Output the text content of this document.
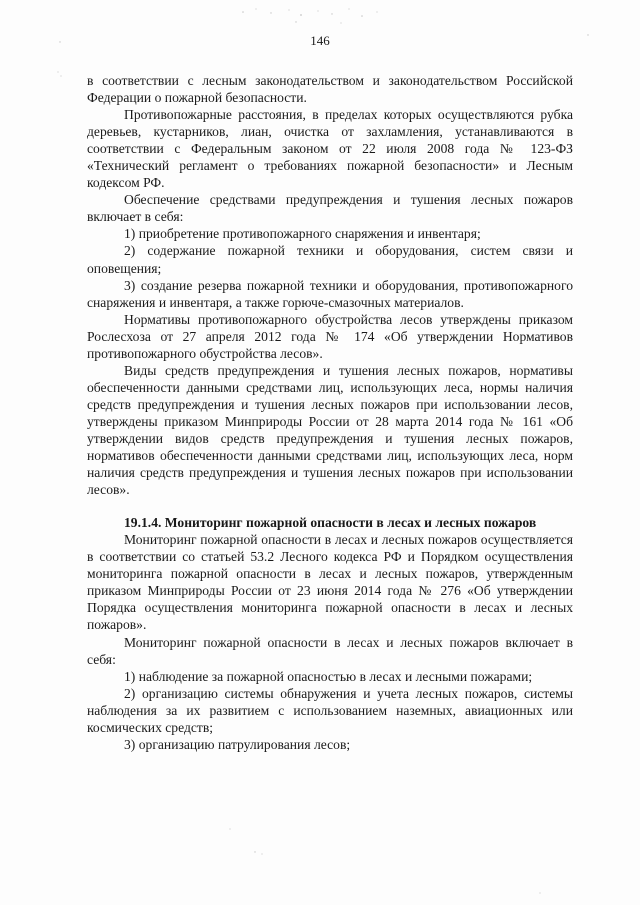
146

в соответствии с лесным законодательством и законодательством Российской Федерации о пожарной безопасности.

Противопожарные расстояния, в пределах которых осуществляются рубка деревьев, кустарников, лиан, очистка от захламления, устанавливаются в соответствии с Федеральным законом от 22 июля 2008 года № 123-ФЗ «Технический регламент о требованиях пожарной безопасности» и Лесным кодексом РФ.

Обеспечение средствами предупреждения и тушения лесных пожаров включает в себя:

1) приобретение противопожарного снаряжения и инвентаря;

2) содержание пожарной техники и оборудования, систем связи и оповещения;

3) создание резерва пожарной техники и оборудования, противопожарного снаряжения и инвентаря, а также горюче-смазочных материалов.

Нормативы противопожарного обустройства лесов утверждены приказом Рослесхоза от 27 апреля 2012 года № 174 «Об утверждении Нормативов противопожарного обустройства лесов».

Виды средств предупреждения и тушения лесных пожаров, нормативы обеспеченности данными средствами лиц, использующих леса, нормы наличия средств предупреждения и тушения лесных пожаров при использовании лесов, утверждены приказом Минприроды России от 28 марта 2014 года № 161 «Об утверждении видов средств предупреждения и тушения лесных пожаров, нормативов обеспеченности данными средствами лиц, использующих леса, норм наличия средств предупреждения и тушения лесных пожаров при использовании лесов».

19.1.4. Мониторинг пожарной опасности в лесах и лесных пожаров

Мониторинг пожарной опасности в лесах и лесных пожаров осуществляется в соответствии со статьей 53.2 Лесного кодекса РФ и Порядком осуществления мониторинга пожарной опасности в лесах и лесных пожаров, утвержденным приказом Минприроды России от 23 июня 2014 года № 276 «Об утверждении Порядка осуществления мониторинга пожарной опасности в лесах и лесных пожаров».

Мониторинг пожарной опасности в лесах и лесных пожаров включает в себя:

1) наблюдение за пожарной опасностью в лесах и лесными пожарами;

2) организацию системы обнаружения и учета лесных пожаров, системы наблюдения за их развитием с использованием наземных, авиационных или космических средств;

3) организацию патрулирования лесов;
